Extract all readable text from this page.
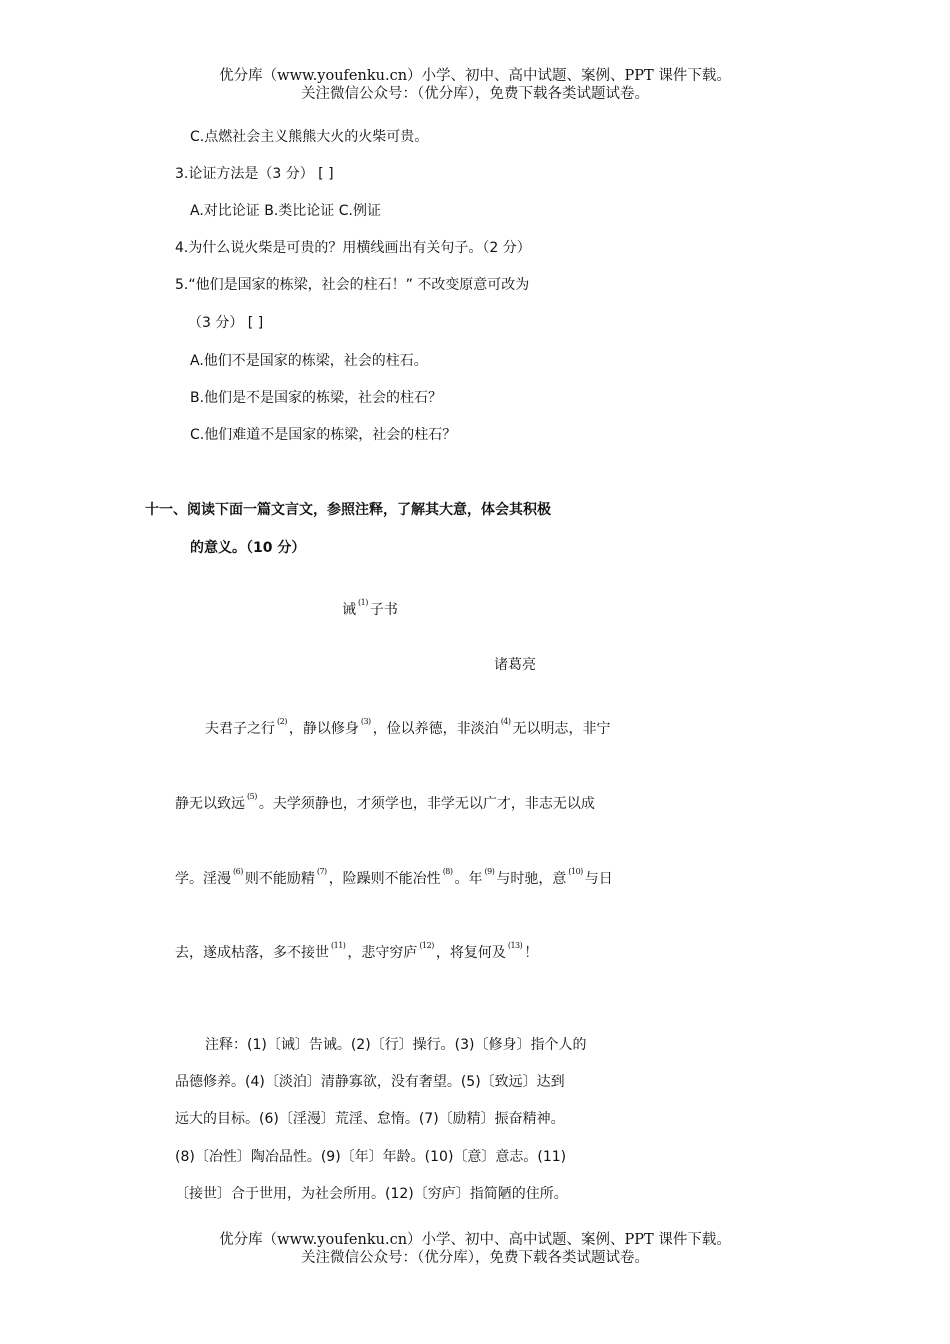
优分库（www.youfenku.cn）小学、初中、高中试题、案例、PPT 课件下载。
关注微信公众号：（优分库），免费下载各类试题试卷。
C.点燃社会主义熊熊大火的火柴可贵。
3.论证方法是（3 分） [ ]
A.对比论证 B.类比论证 C.例证
4.为什么说火柴是可贵的？用横线画出有关句子。（2 分）
5.“他们是国家的栋梁，社会的柱石！” 不改变原意可改为
（3 分） [ ]
A.他们不是国家的栋梁，社会的柱石。
B.他们是不是国家的栋梁，社会的柱石？
C.他们难道不是国家的栋梁，社会的柱石？
十一、阅读下面一篇文言文，参照注释，了解其大意，体会其积极
的意义。（10 分）
诫 $^{(1)}$ 子书
诸葛亮
夫君子之行 $^{(2)}$ ，静以修身 $^{(3)}$ ，俭以养德，非淡泊 $^{(4)}$ 无以明志，非宁
静无以致远 $^{(5)}$ 。夫学须静也，才须学也，非学无以广才，非志无以成
学。淫漫 $^{(6)}$ 则不能励精 $^{(7)}$ ，险躁则不能冶性 $^{(8)}$ 。年 $^{(9)}$ 与时驰，意 $^{(10)}$ 与日
去，遂成枯落，多不接世 $^{(11)}$ ，悲守穷庐 $^{(12)}$ ，将复何及 $^{(13)}$ ！
注释：(1)〔诫〕告诫。(2)〔行〕操行。(3)〔修身〕指个人的
品德修养。(4)〔淡泊〕清静寡欲，没有奢望。(5)〔致远〕达到
远大的目标。(6)〔淫漫〕荒淫、怠惰。(7)〔励精〕振奋精神。
(8)〔冶性〕陶冶品性。(9)〔年〕年龄。(10)〔意〕意志。(11)
〔接世〕合于世用，为社会所用。(12)〔穷庐〕指简陋的住所。
优分库（www.youfenku.cn）小学、初中、高中试题、案例、PPT 课件下载。
关注微信公众号：（优分库），免费下载各类试题试卷。
